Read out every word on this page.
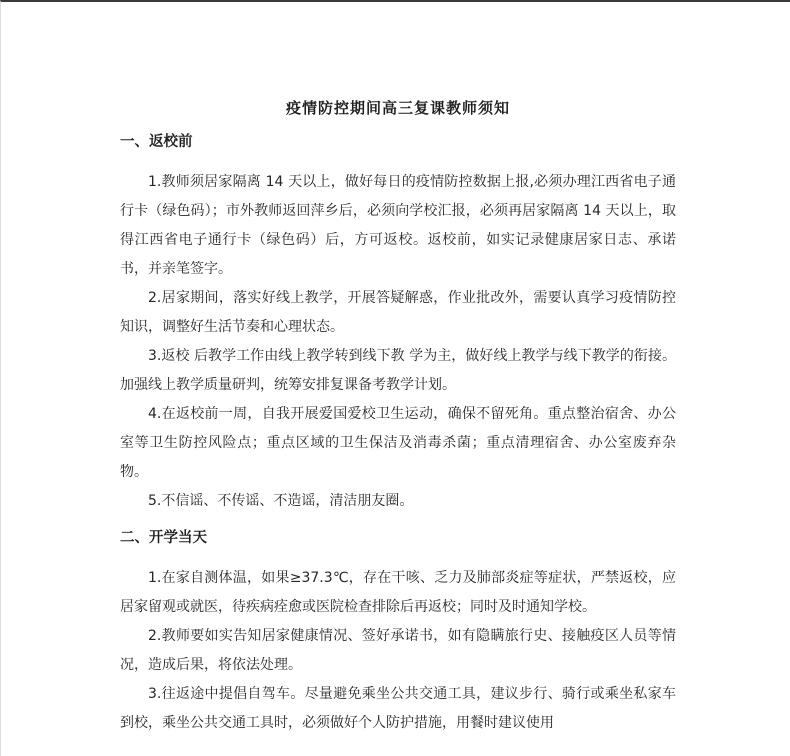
疫情防控期间高三复课教师须知
一、返校前

1.教师须居家隔离 14 天以上，做好每日的疫情防控数据上报,必须办理江西省电子通行卡（绿色码）；市外教师返回萍乡后，必须向学校汇报，必须再居家隔离 14 天以上，取得江西省电子通行卡（绿色码）后，方可返校。返校前，如实记录健康居家日志、承诺书，并亲笔签字。

2.居家期间，落实好线上教学，开展答疑解惑，作业批改外，需要认真学习疫情防控知识，调整好生活节奏和心理状态。

3.返校 后教学工作由线上教学转到线下教 学为主，做好线上教学与线下教学的衔接。加强线上教学质量研判，统筹安排复课备考教学计划。

4.在返校前一周，自我开展爱国爱校卫生运动，确保不留死角。重点整治宿舍、办公室等卫生防控风险点；重点区域的卫生保洁及消毒杀菌；重点清理宿舍、办公室废弃杂物。

5.不信谣、不传谣、不造谣，清洁朋友圈。

二、开学当天

1.在家自测体温，如果≥37.3℃，存在干咳、乏力及肺部炎症等症状，严禁返校，应居家留观或就医，待疾病痊愈或医院检查排除后再返校；同时及时通知学校。

2.教师要如实告知居家健康情况、签好承诺书，如有隐瞒旅行史、接触疫区人员等情况，造成后果，将依法处理。

3.往返途中提倡自驾车。尽量避免乘坐公共交通工具，建议步行、骑行或乘坐私家车到校，乘坐公共交通工具时，必须做好个人防护措施，用餐时建议使用
